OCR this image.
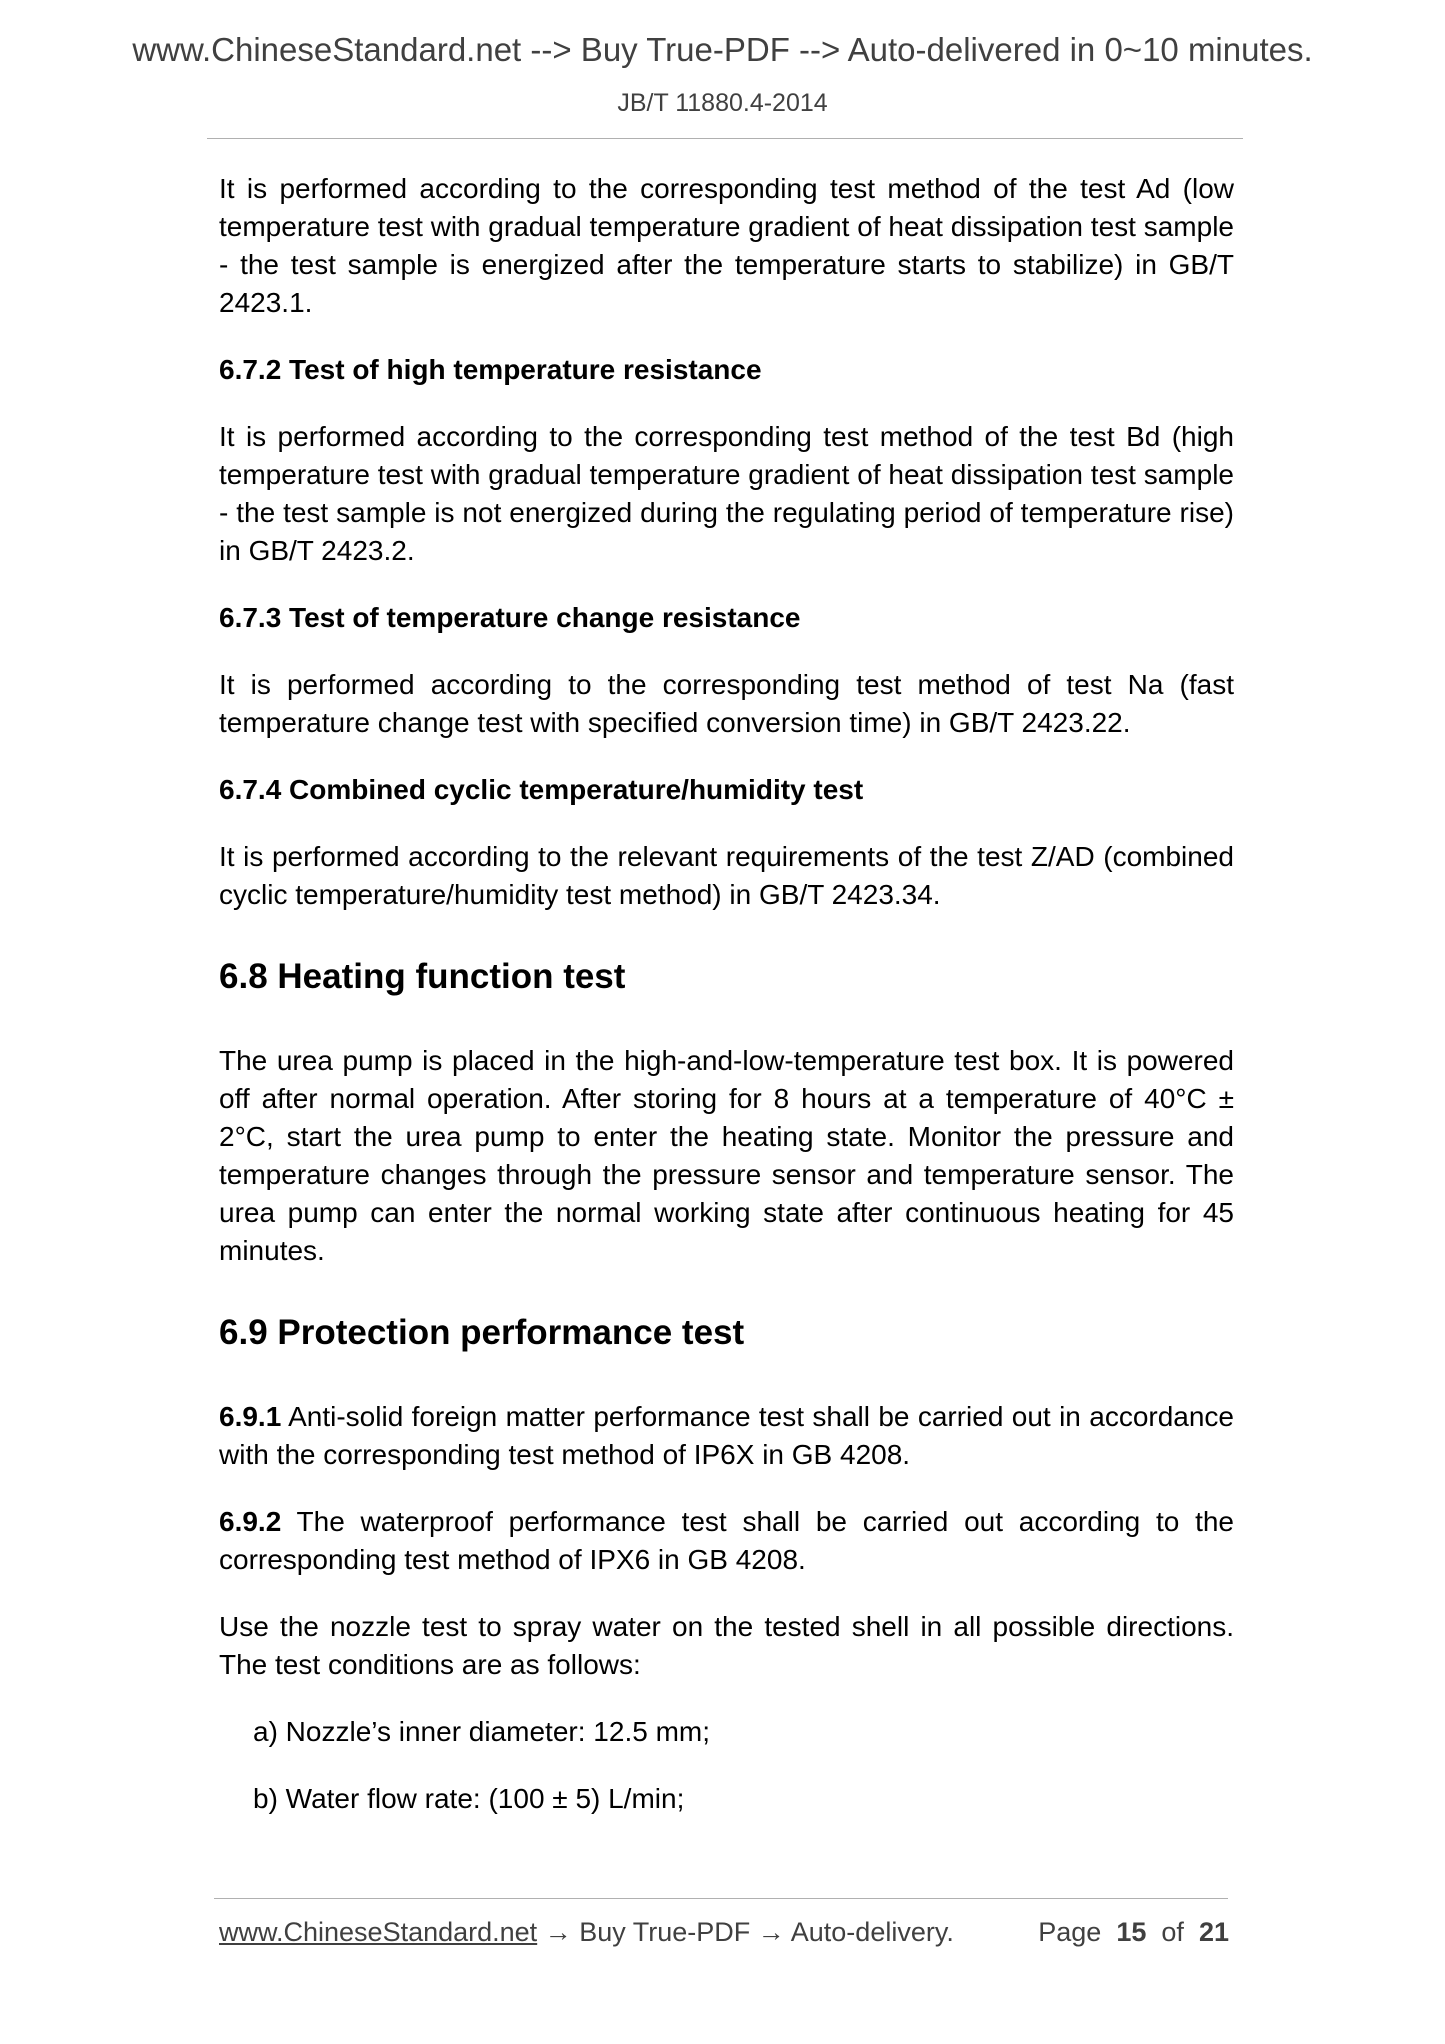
www.ChineseStandard.net --> Buy True-PDF --> Auto-delivered in 0~10 minutes.
JB/T 11880.4-2014

It is performed according to the corresponding test method of the test Ad (low temperature test with gradual temperature gradient of heat dissipation test sample - the test sample is energized after the temperature starts to stabilize) in GB/T 2423.1.

6.7.2 Test of high temperature resistance

It is performed according to the corresponding test method of the test Bd (high temperature test with gradual temperature gradient of heat dissipation test sample - the test sample is not energized during the regulating period of temperature rise) in GB/T 2423.2.

6.7.3 Test of temperature change resistance

It is performed according to the corresponding test method of test Na (fast temperature change test with specified conversion time) in GB/T 2423.22.

6.7.4 Combined cyclic temperature/humidity test

It is performed according to the relevant requirements of the test Z/AD (combined cyclic temperature/humidity test method) in GB/T 2423.34.

6.8 Heating function test

The urea pump is placed in the high-and-low-temperature test box. It is powered off after normal operation. After storing for 8 hours at a temperature of 40°C ± 2°C, start the urea pump to enter the heating state. Monitor the pressure and temperature changes through the pressure sensor and temperature sensor. The urea pump can enter the normal working state after continuous heating for 45 minutes.

6.9 Protection performance test

6.9.1 Anti-solid foreign matter performance test shall be carried out in accordance with the corresponding test method of IP6X in GB 4208.

6.9.2 The waterproof performance test shall be carried out according to the corresponding test method of IPX6 in GB 4208.

Use the nozzle test to spray water on the tested shell in all possible directions. The test conditions are as follows:

a) Nozzle’s inner diameter: 12.5 mm;

b) Water flow rate: (100 ± 5) L/min;

www.ChineseStandard.net → Buy True-PDF → Auto-delivery.	Page 15 of 21
